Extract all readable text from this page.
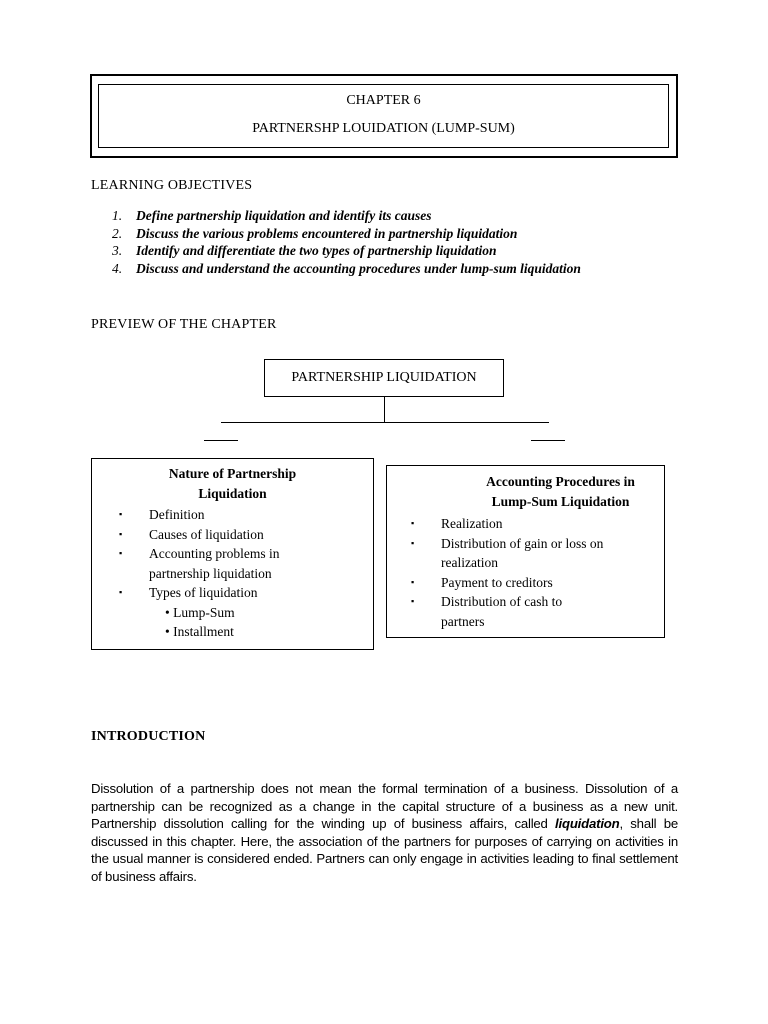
CHAPTER 6
PARTNERSHP LOUIDATION (LUMP-SUM)
LEARNING OBJECTIVES
1. Define partnership liquidation and identify its causes
2. Discuss the various problems encountered in partnership liquidation
3. Identify and differentiate the two types of partnership liquidation
4. Discuss and understand the accounting procedures under lump-sum liquidation
PREVIEW OF THE CHAPTER
PARTNERSHIP LIQUIDATION
Nature of Partnership
Liquidation
▪ Definition
▪ Causes of liquidation
▪ Accounting problems in
partnership liquidation
▪ Types of liquidation
• Lump-Sum
• Installment
Accounting Procedures in
Lump-Sum Liquidation
▪ Realization
▪ Distribution of gain or loss on
realization
▪ Payment to creditors
▪ Distribution of cash to
partners
INTRODUCTION
Dissolution of a partnership does not mean the formal termination of a business. Dissolution of a partnership can be recognized as a change in the capital structure of a business as a new unit. Partnership dissolution calling for the winding up of business affairs, called liquidation, shall be discussed in this chapter. Here, the association of the partners for purposes of carrying on activities in the usual manner is considered ended. Partners can only engage in activities leading to final settlement of business affairs.
